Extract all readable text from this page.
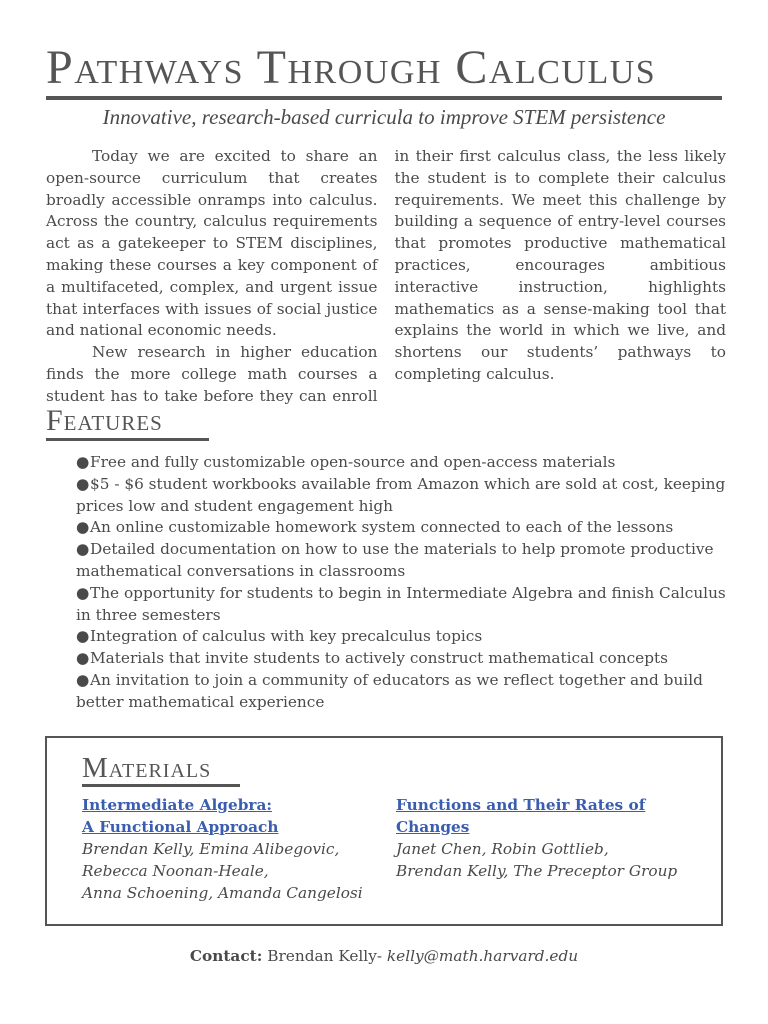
Pathways Through Calculus
Innovative, research-based curricula to improve STEM persistence

Today we are excited to share an open-source curriculum that creates broadly accessible onramps into calculus. Across the country, calculus requirements act as a gatekeeper to STEM disciplines, making these courses a key component of a multifaceted, complex, and urgent issue that interfaces with issues of social justice and national economic needs.

New research in higher education finds the more college math courses a student has to take before they can enroll in their first calculus class, the less likely the student is to complete their calculus requirements. We meet this challenge by building a sequence of entry-level courses that promotes productive mathematical practices, encourages ambitious interactive instruction, highlights mathematics as a sense-making tool that explains the world in which we live, and shortens our students’ pathways to completing calculus.

Features
●Free and fully customizable open-source and open-access materials
●$5 - $6 student workbooks available from Amazon which are sold at cost, keeping prices low and student engagement high
●An online customizable homework system connected to each of the lessons
●Detailed documentation on how to use the materials to help promote productive mathematical conversations in classrooms
●The opportunity for students to begin in Intermediate Algebra and finish Calculus in three semesters
●Integration of calculus with key precalculus topics
●Materials that invite students to actively construct mathematical concepts
●An invitation to join a community of educators as we reflect together and build better mathematical experience
Materials
Intermediate Algebra:
A Functional Approach
Brendan Kelly, Emina Alibegovic,
Rebecca Noonan-Heale,
Anna Schoening, Amanda Cangelosi
Functions and Their Rates of
Changes
Janet Chen, Robin Gottlieb,
Brendan Kelly, The Preceptor Group
Contact: Brendan Kelly- kelly@math.harvard.edu
